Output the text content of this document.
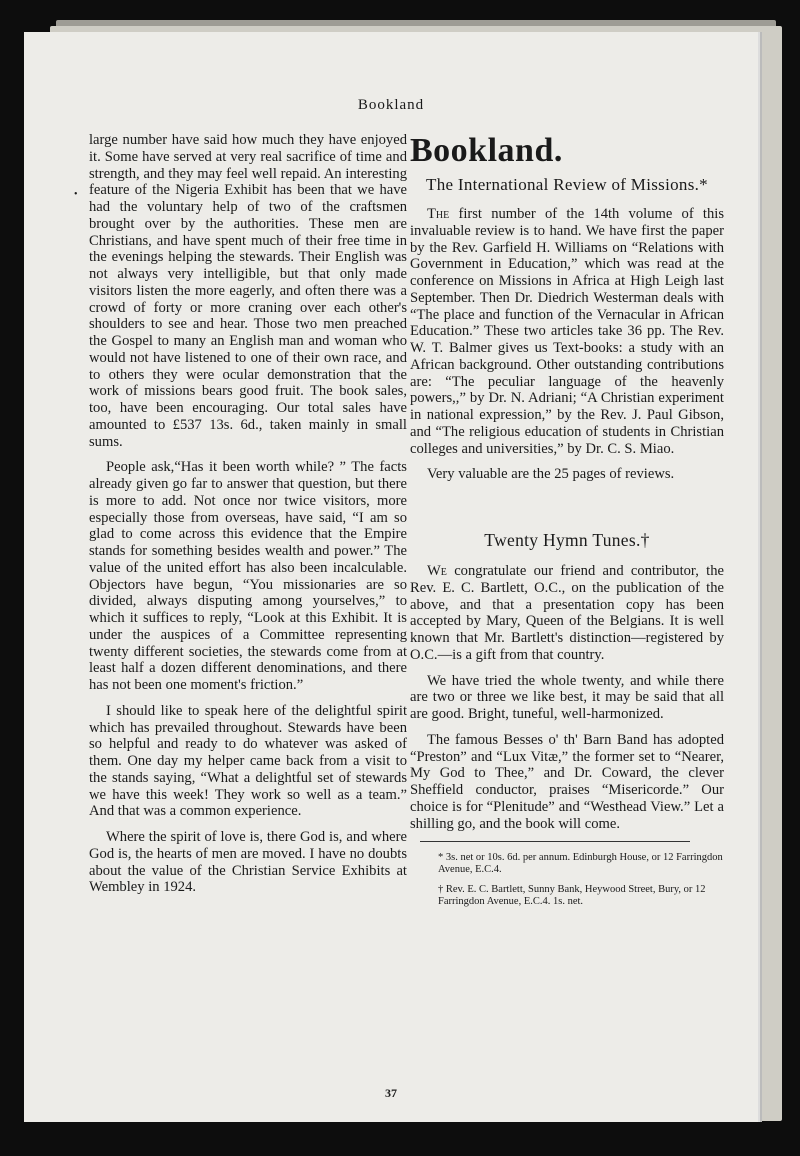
Bookland
•

large number have said how much they have enjoyed it. Some have served at very real sacrifice of time and strength, and they may feel well repaid. An interesting feature of the Nigeria Exhibit has been that we have had the voluntary help of two of the craftsmen brought over by the authorities. These men are Christians, and have spent much of their free time in the evenings helping the stewards. Their English was not always very intelligible, but that only made visitors listen the more eagerly, and often there was a crowd of forty or more craning over each other's shoulders to see and hear. Those two men preached the Gospel to many an English man and woman who would not have listened to one of their own race, and to others they were ocular demonstration that the work of missions bears good fruit. The book sales, too, have been encouraging. Our total sales have amounted to £537 13s. 6d., taken mainly in small sums.

People ask,“Has it been worth while? ” The facts already given go far to answer that question, but there is more to add. Not once nor twice visitors, more especially those from overseas, have said, “I am so glad to come across this evidence that the Empire stands for something besides wealth and power.” The value of the united effort has also been incalculable. Objectors have begun, “You missionaries are so divided, always disputing among yourselves,” to which it suffices to reply, “Look at this Exhibit. It is under the auspices of a Committee representing twenty different societies, the stewards come from at least half a dozen different denominations, and there has not been one moment's friction.”

I should like to speak here of the delightful spirit which has prevailed throughout. Stewards have been so helpful and ready to do whatever was asked of them. One day my helper came back from a visit to the stands saying, “What a delightful set of stewards we have this week! They work so well as a team.” And that was a common experience.

Where the spirit of love is, there God is, and where God is, the hearts of men are moved. I have no doubts about the value of the Christian Service Exhibits at Wembley in 1924.

Bookland.
The International Review of Missions.*

The first number of the 14th volume of this invaluable review is to hand. We have first the paper by the Rev. Garfield H. Williams on “Relations with Government in Education,” which was read at the conference on Missions in Africa at High Leigh last September. Then Dr. Diedrich Westerman deals with “The place and function of the Vernacular in African Education.” These two articles take 36 pp. The Rev. W. T. Balmer gives us Text-books: a study with an African background. Other outstanding contributions are: “The peculiar language of the heavenly powers,,” by Dr. N. Adriani; “A Christian experiment in national expression,” by the Rev. J. Paul Gibson, and “The religious education of students in Christian colleges and universities,” by Dr. C. S. Miao.

Very valuable are the 25 pages of reviews.

Twenty Hymn Tunes.†

We congratulate our friend and contributor, the Rev. E. C. Bartlett, O.C., on the publication of the above, and that a presentation copy has been accepted by Mary, Queen of the Belgians. It is well known that Mr. Bartlett's distinction—registered by O.C.—is a gift from that country.

We have tried the whole twenty, and while there are two or three we like best, it may be said that all are good. Bright, tuneful, well-harmonized.

The famous Besses o' th' Barn Band has adopted “Preston” and “Lux Vitæ,” the former set to “Nearer, My God to Thee,” and Dr. Coward, the clever Sheffield conductor, praises “Misericorde.” Our choice is for “Plenitude” and “Westhead View.” Let a shilling go, and the book will come.

* 3s. net or 10s. 6d. per annum. Edinburgh House, or 12 Farringdon Avenue, E.C.4.

† Rev. E. C. Bartlett, Sunny Bank, Heywood Street, Bury, or 12 Farringdon Avenue, E.C.4. 1s. net.

37
